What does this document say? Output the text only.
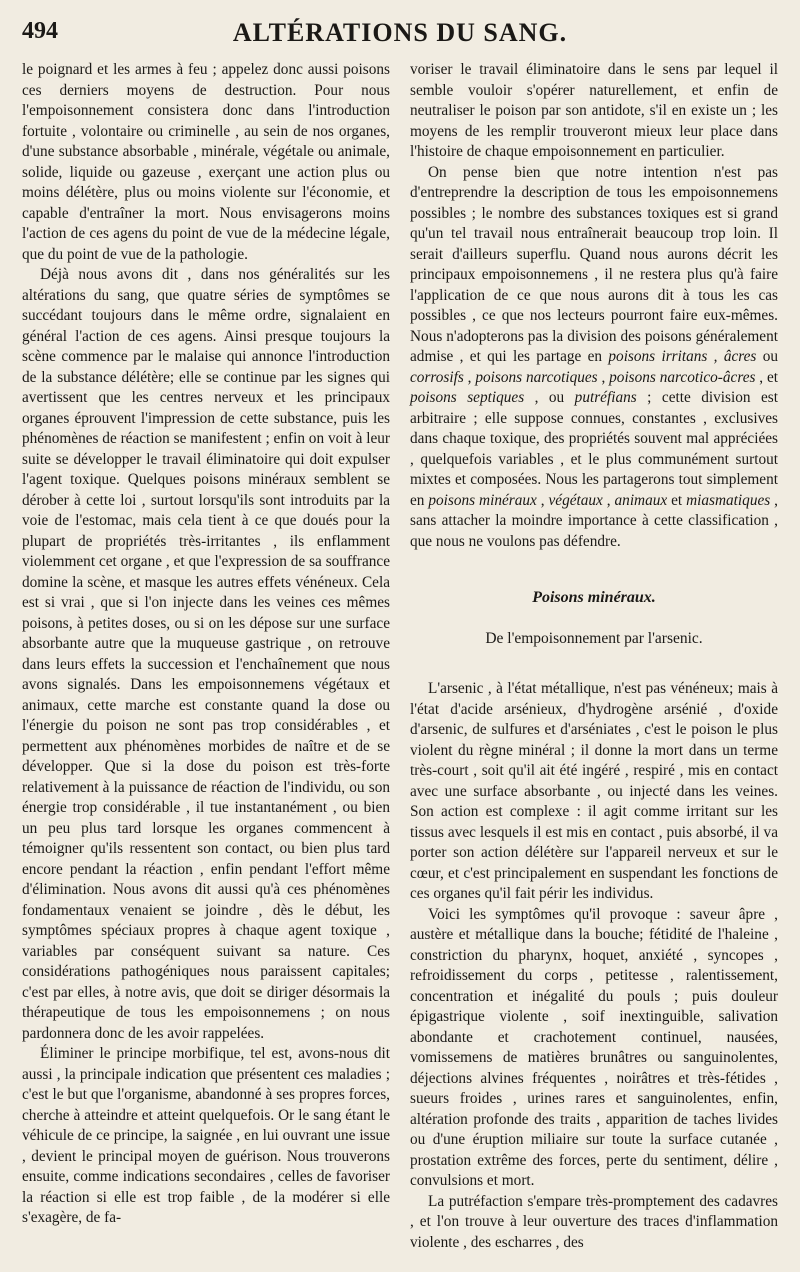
494	ALTÉRATIONS DU SANG.

le poignard et les armes à feu ; appelez donc aussi poisons ces derniers moyens de destruction. Pour nous l'empoisonnement consistera donc dans l'introduction fortuite , volontaire ou criminelle , au sein de nos organes, d'une substance absorbable , minérale, végétale ou animale, solide, liquide ou gazeuse , exerçant une action plus ou moins délétère, plus ou moins violente sur l'économie, et capable d'entraîner la mort. Nous envisagerons moins l'action de ces agens du point de vue de la médecine légale, que du point de vue de la pathologie.

Déjà nous avons dit , dans nos généralités sur les altérations du sang, que quatre séries de symptômes se succédant toujours dans le même ordre, signalaient en général l'action de ces agens. Ainsi presque toujours la scène commence par le malaise qui annonce l'introduction de la substance délétère; elle se continue par les signes qui avertissent que les centres nerveux et les principaux organes éprouvent l'impression de cette substance, puis les phénomènes de réaction se manifestent ; enfin on voit à leur suite se développer le travail éliminatoire qui doit expulser l'agent toxique. Quelques poisons minéraux semblent se dérober à cette loi , surtout lorsqu'ils sont introduits par la voie de l'estomac, mais cela tient à ce que doués pour la plupart de propriétés très-irritantes , ils enflamment violemment cet organe , et que l'expression de sa souffrance domine la scène, et masque les autres effets vénéneux. Cela est si vrai , que si l'on injecte dans les veines ces mêmes poisons, à petites doses, ou si on les dépose sur une surface absorbante autre que la muqueuse gastrique , on retrouve dans leurs effets la succession et l'enchaînement que nous avons signalés. Dans les empoisonnemens végétaux et animaux, cette marche est constante quand la dose ou l'énergie du poison ne sont pas trop considérables , et permettent aux phénomènes morbides de naître et de se développer. Que si la dose du poison est très-forte relativement à la puissance de réaction de l'individu, ou son énergie trop considérable , il tue instantanément , ou bien un peu plus tard lorsque les organes commencent à témoigner qu'ils ressentent son contact, ou bien plus tard encore pendant la réaction , enfin pendant l'effort même d'élimination. Nous avons dit aussi qu'à ces phénomènes fondamentaux venaient se joindre , dès le début, les symptômes spéciaux propres à chaque agent toxique , variables par conséquent suivant sa nature. Ces considérations pathogéniques nous paraissent capitales; c'est par elles, à notre avis, que doit se diriger désormais la thérapeutique de tous les empoisonnemens ; on nous pardonnera donc de les avoir rappelées.

Éliminer le principe morbifique, tel est, avons-nous dit aussi , la principale indication que présentent ces maladies ; c'est le but que l'organisme, abandonné à ses propres forces, cherche à atteindre et atteint quelquefois. Or le sang étant le véhicule de ce principe, la saignée , en lui ouvrant une issue , devient le principal moyen de guérison. Nous trouverons ensuite, comme indications secondaires , celles de favoriser la réaction si elle est trop faible , de la modérer si elle s'exagère, de fa-

voriser le travail éliminatoire dans le sens par lequel il semble vouloir s'opérer naturellement, et enfin de neutraliser le poison par son antidote, s'il en existe un ; les moyens de les remplir trouveront mieux leur place dans l'histoire de chaque empoisonnement en particulier.

On pense bien que notre intention n'est pas d'entreprendre la description de tous les empoisonnemens possibles ; le nombre des substances toxiques est si grand qu'un tel travail nous entraînerait beaucoup trop loin. Il serait d'ailleurs superflu. Quand nous aurons décrit les principaux empoisonnemens , il ne restera plus qu'à faire l'application de ce que nous aurons dit à tous les cas possibles , ce que nos lecteurs pourront faire eux-mêmes. Nous n'adopterons pas la division des poisons généralement admise , et qui les partage en poisons irritans , âcres ou corrosifs , poisons narcotiques , poisons narcotico-âcres , et poisons septiques , ou putréfians ; cette division est arbitraire ; elle suppose connues, constantes , exclusives dans chaque toxique, des propriétés souvent mal appréciées , quelquefois variables , et le plus communément surtout mixtes et composées. Nous les partagerons tout simplement en poisons minéraux , végétaux , animaux et miasmatiques , sans attacher la moindre importance à cette classification , que nous ne voulons pas défendre.

Poisons minéraux.
De l'empoisonnement par l'arsenic.

L'arsenic , à l'état métallique, n'est pas vénéneux; mais à l'état d'acide arsénieux, d'hydrogène arsénié , d'oxide d'arsenic, de sulfures et d'arséniates , c'est le poison le plus violent du règne minéral ; il donne la mort dans un terme très-court , soit qu'il ait été ingéré , respiré , mis en contact avec une surface absorbante , ou injecté dans les veines. Son action est complexe : il agit comme irritant sur les tissus avec lesquels il est mis en contact , puis absorbé, il va porter son action délétère sur l'appareil nerveux et sur le cœur, et c'est principalement en suspendant les fonctions de ces organes qu'il fait périr les individus.

Voici les symptômes qu'il provoque : saveur âpre , austère et métallique dans la bouche; fétidité de l'haleine , constriction du pharynx, hoquet, anxiété , syncopes , refroidissement du corps , petitesse , ralentissement, concentration et inégalité du pouls ; puis douleur épigastrique violente , soif inextinguible, salivation abondante et crachotement continuel, nausées, vomissemens de matières brunâtres ou sanguinolentes, déjections alvines fréquentes , noirâtres et très-fétides , sueurs froides , urines rares et sanguinolentes, enfin, altération profonde des traits , apparition de taches livides ou d'une éruption miliaire sur toute la surface cutanée , prostation extrême des forces, perte du sentiment, délire , convulsions et mort.

La putréfaction s'empare très-promptement des cadavres , et l'on trouve à leur ouverture des traces d'inflammation violente , des escharres , des
